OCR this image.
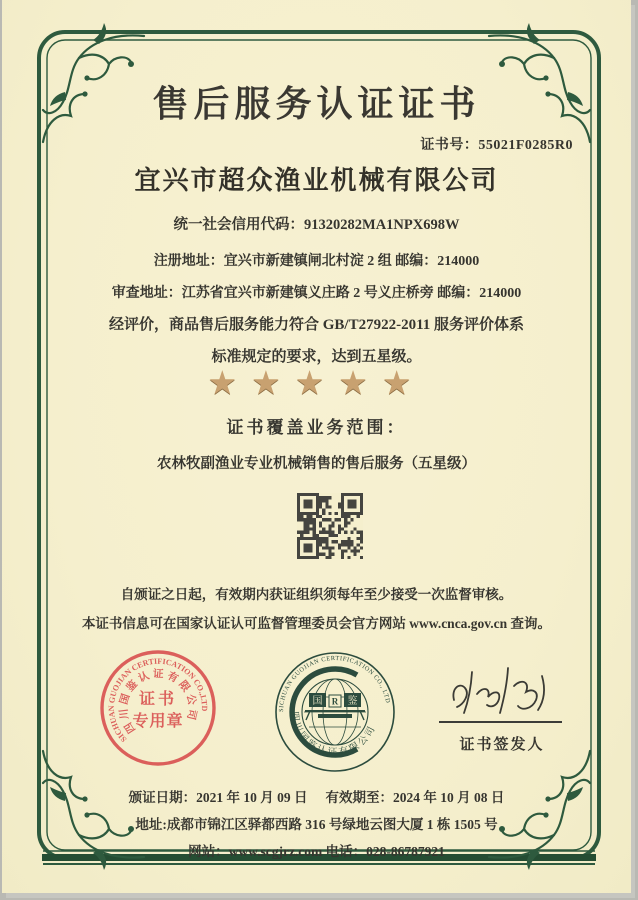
售后服务认证证书
证书号：55021F0285R0
宜兴市超众渔业机械有限公司
统一社会信用代码：91320282MA1NPX698W
注册地址：宜兴市新建镇闸北村淀 2 组 邮编：214000
审查地址：江苏省宜兴市新建镇义庄路 2 号义庄桥旁 邮编：214000
经评价，商品售后服务能力符合 GB/T27922-2011 服务评价体系
标准规定的要求，达到五星级。
★★★★★
证书覆盖业务范围：
农林牧副渔业专业机械销售的售后服务（五星级）
自颁证之日起，有效期内获证组织须每年至少接受一次监督审核。
本证书信息可在国家认证认可监督管理委员会官方网站 www.cnca.gov.cn 查询。
SICHUAN GUOJIAN CERTIFICATION CO.,LTD
四川国鉴认证有限公司
证书
专用章
国 R 鉴
SICHUAN GUOJIAN CERTIFICATION CO., LTD
四川国鉴认证有限公司
证书签发人
颁证日期：2021 年 10 月 09 日 有效期至：2024 年 10 月 08 日
地址:成都市锦江区驿都西路 316 号绿地云图大厦 1 栋 1505 号
网站：www.scgjrz.com 电话：028-86787921
